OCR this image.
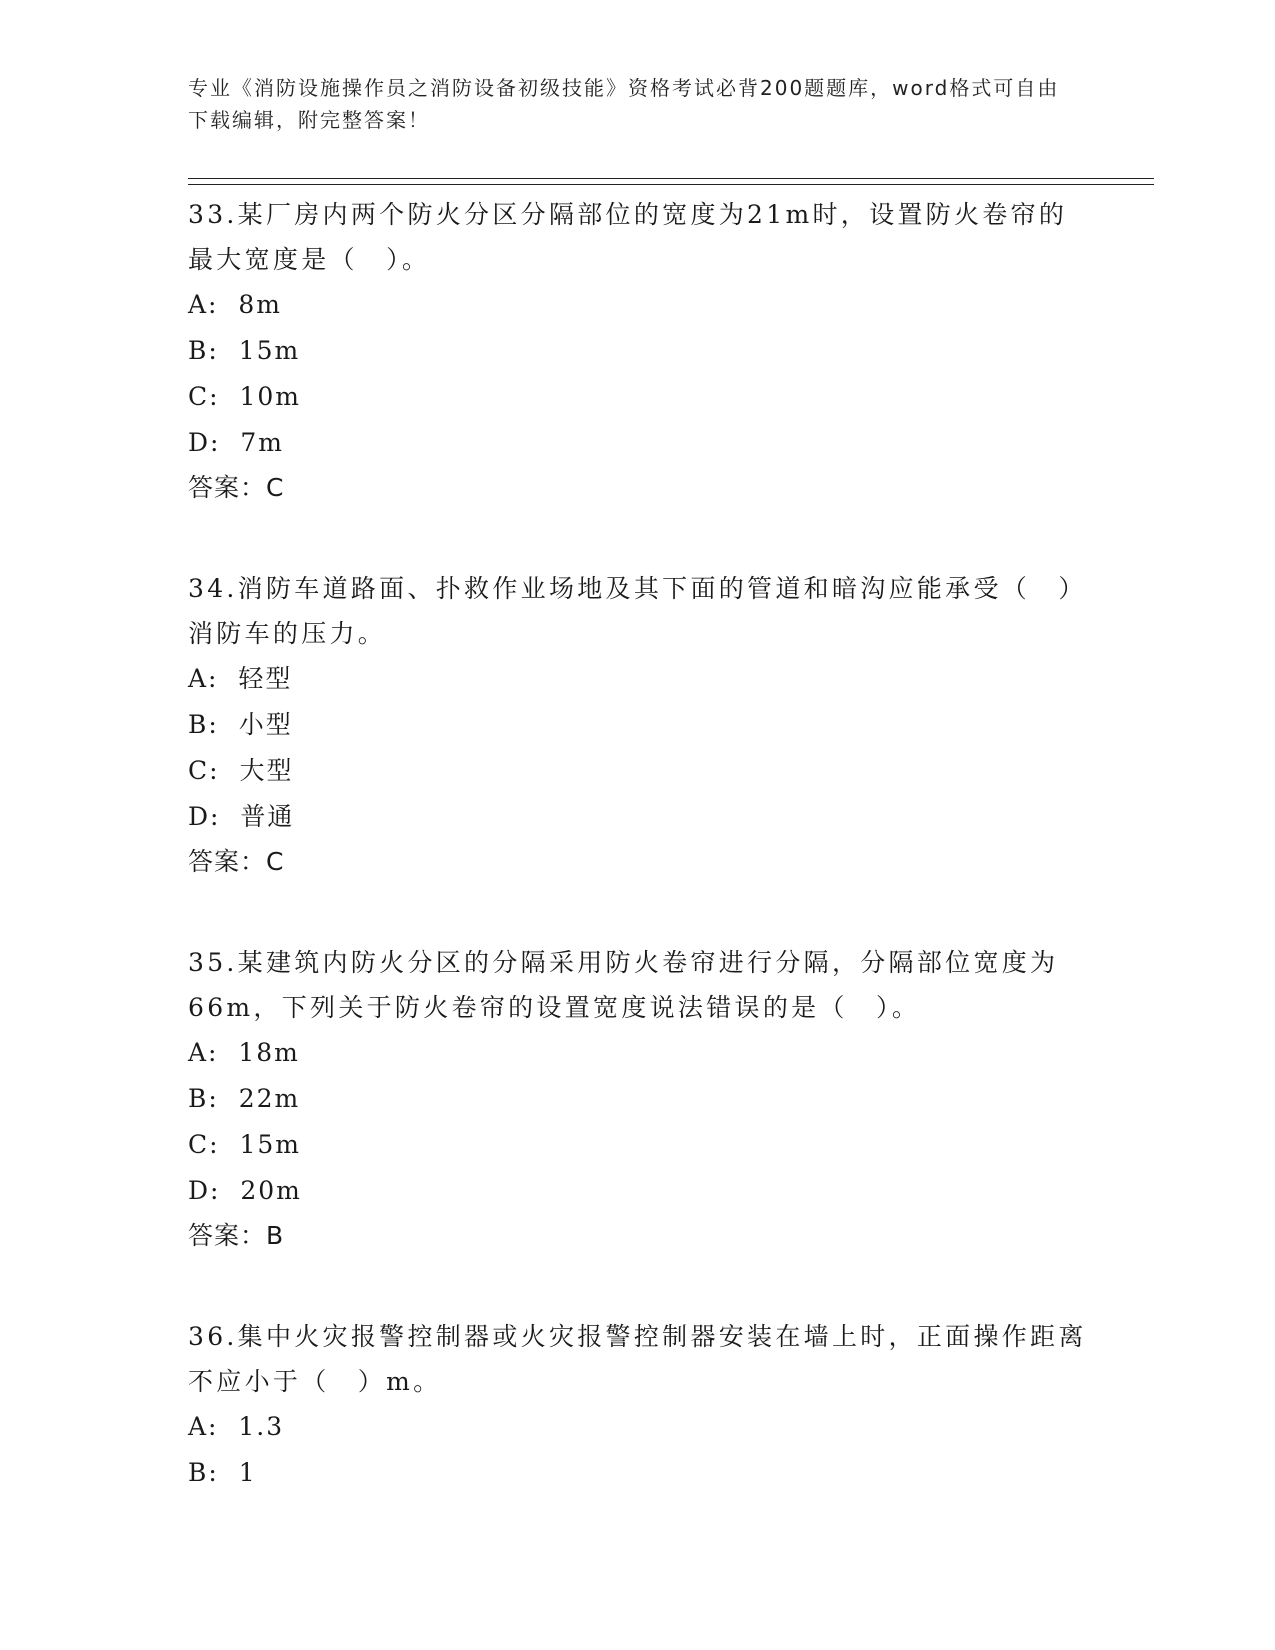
专业《消防设施操作员之消防设备初级技能》资格考试必背200题题库，word格式可自由下载编辑，附完整答案！

33.某厂房内两个防火分区分隔部位的宽度为21m时，设置防火卷帘的最大宽度是（　）。

A:  8m

B:  15m

C:  10m

D:  7m

答案：C

34.消防车道路面、扑救作业场地及其下面的管道和暗沟应能承受（　）消防车的压力。

A:  轻型

B:  小型

C:  大型

D:  普通

答案：C

35.某建筑内防火分区的分隔采用防火卷帘进行分隔，分隔部位宽度为66m，下列关于防火卷帘的设置宽度说法错误的是（　）。

A:  18m

B:  22m

C:  15m

D:  20m

答案：B

36.集中火灾报警控制器或火灾报警控制器安装在墙上时，正面操作距离不应小于（　）m。

A:  1.3

B:  1
